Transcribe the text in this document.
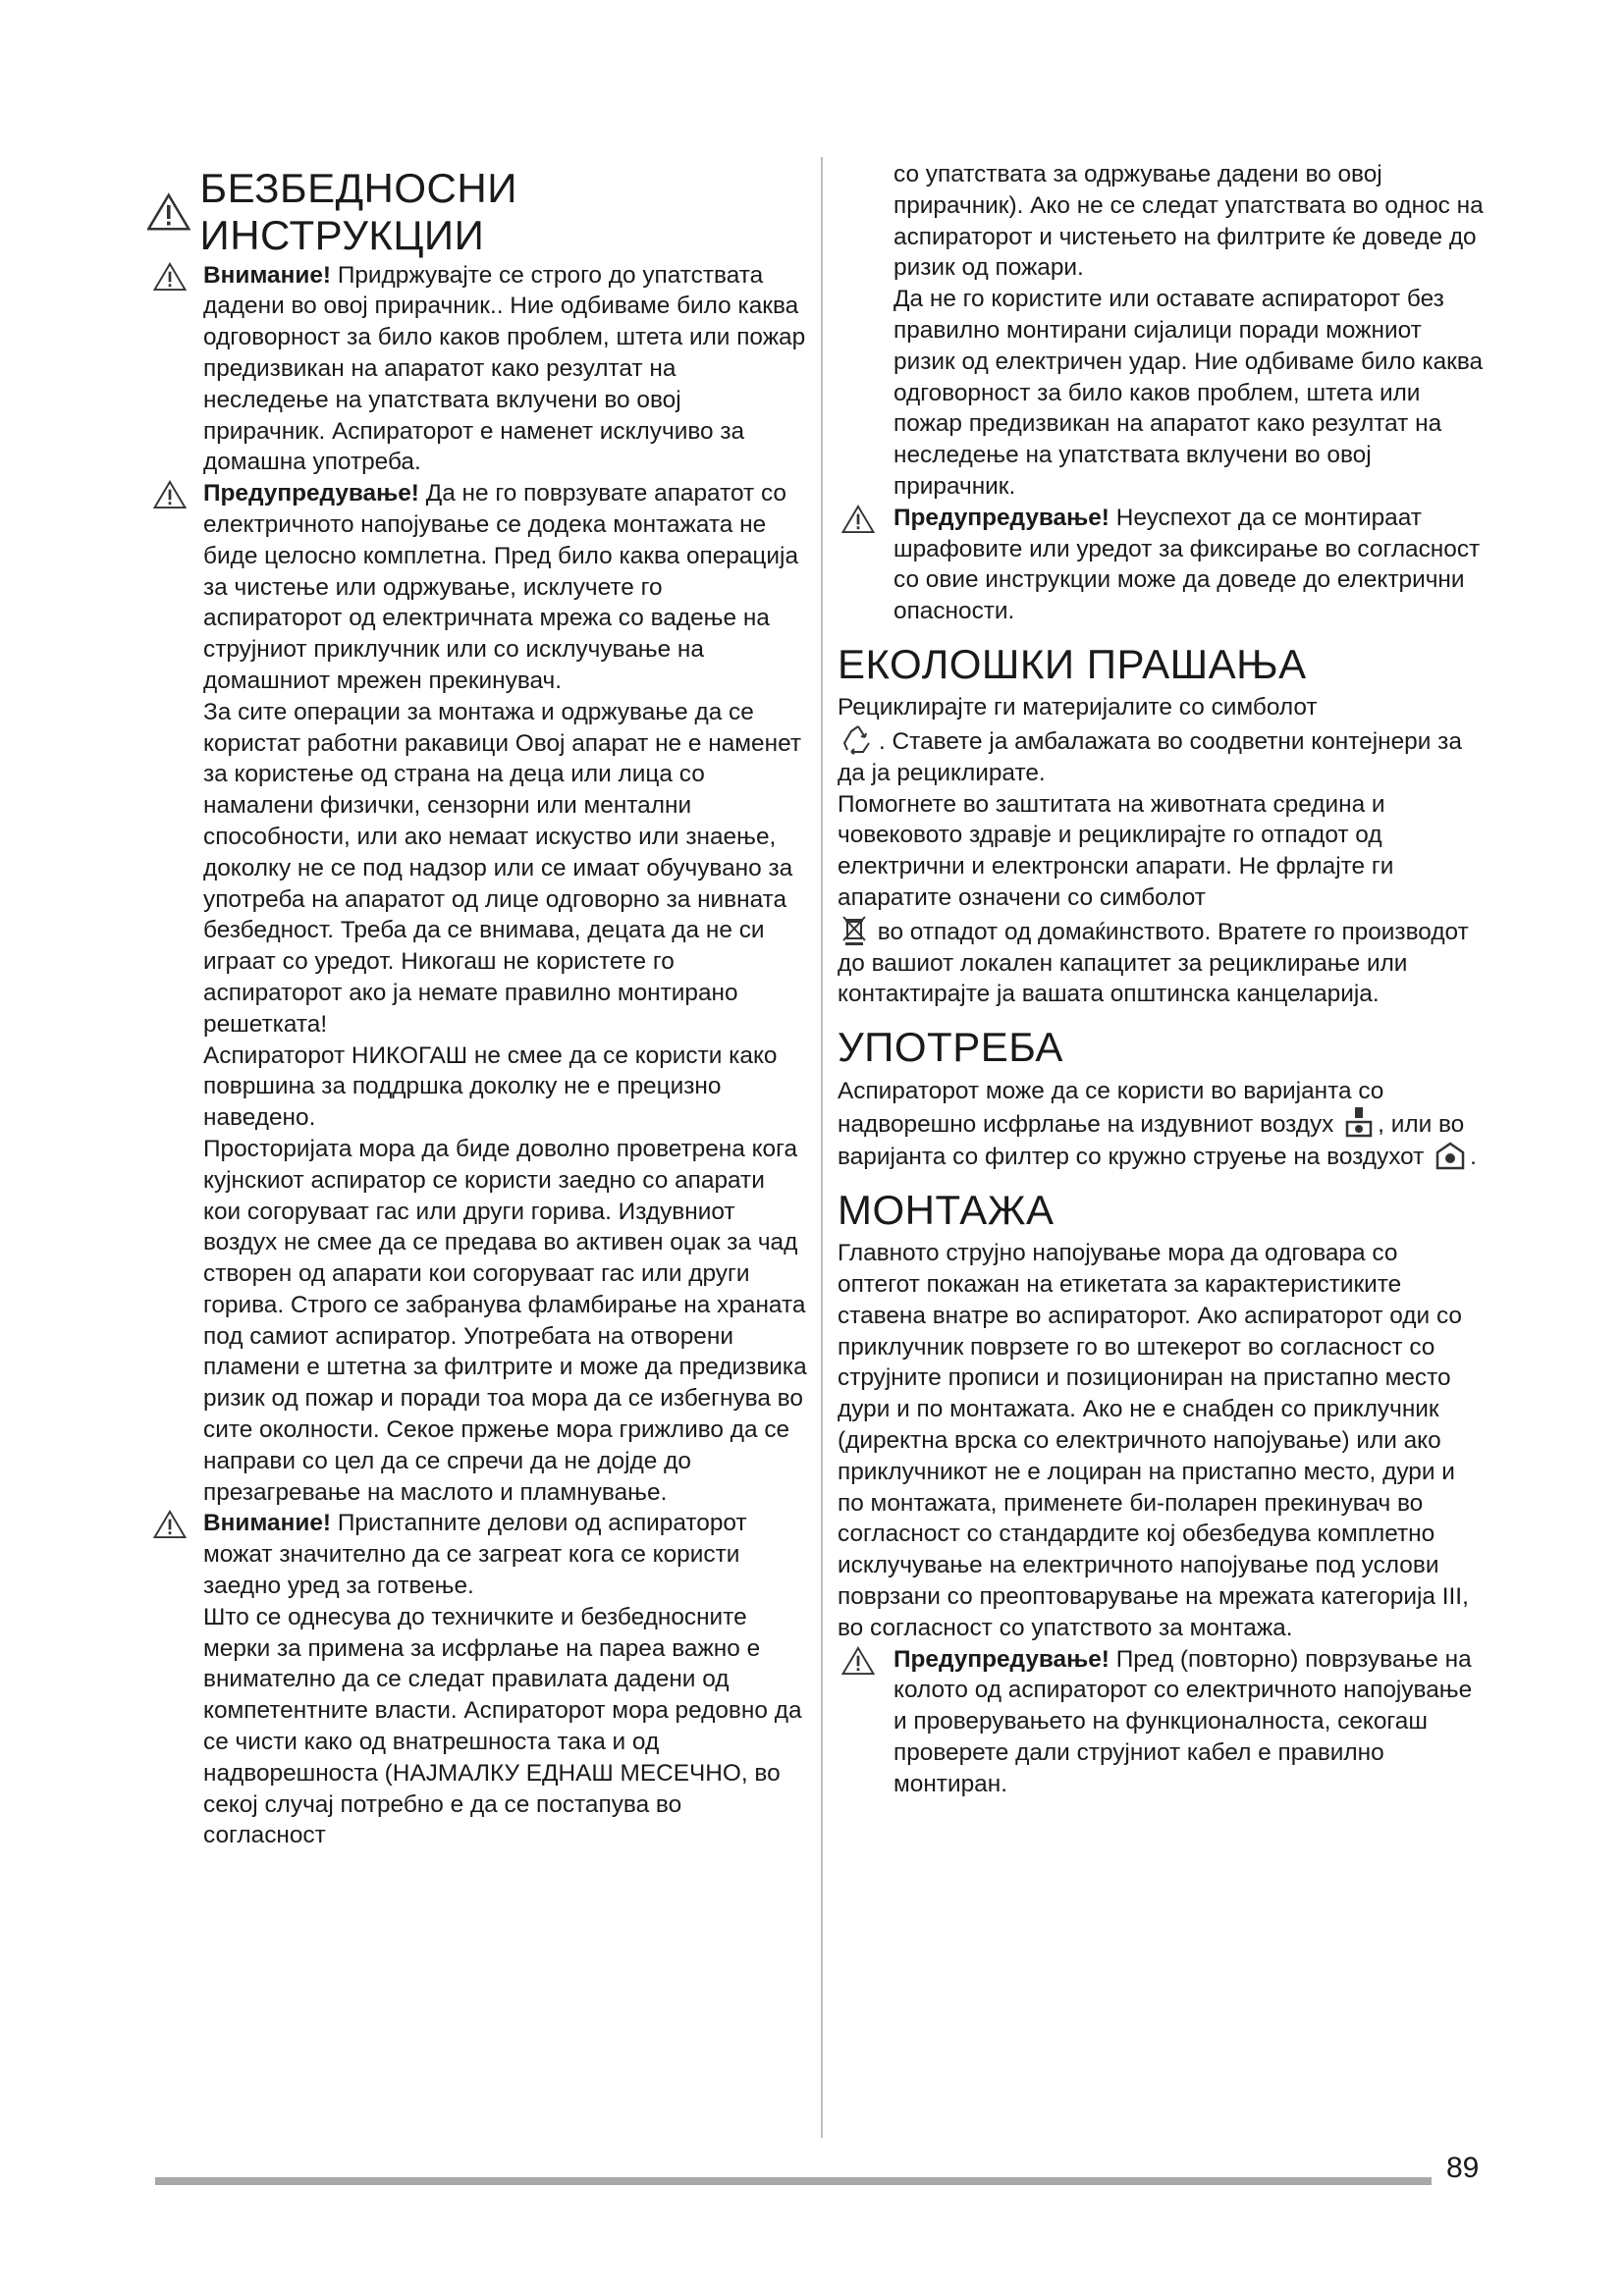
БЕЗБЕДНОСНИ ИНСТРУКЦИИ

Внимание! Придржувајте се строго до упатствата дадени во овој прирачник.. Ние одбиваме било каква одговорност за било каков проблем, штета или пожар предизвикан на апаратот како резултат на неследење на упатствата вклучени во овој прирачник. Аспираторот е наменет исклучиво за домашна употреба.

Предупредување! Да не го поврзувате апаратот со електричното напојување се додека монтажата не биде целосно комплетна. Пред било каква операција за чистење или одржување, исклучете го аспираторот од електричната мрежа со вадење на струјниот приклучник или со исклучување на домашниот мрежен прекинувач.

За сите операции за монтажа и одржување да се користат работни ракавици Овој апарат не е наменет за користење од страна на деца или лица со намалени физички, сензорни или ментални способности, или ако немаат искуство или знаење, доколку не се под надзор или се имаат обучувано за употреба на апаратот од лице одговорно за нивната безбедност. Треба да се внимава, децата да не си играат со уредот. Никогаш не користете го аспираторот ако ја немате правилно монтирано решетката!

Аспираторот НИКОГАШ не смее да се користи како површина за поддршка доколку не е прецизно наведено.

Просторијата мора да биде доволно проветрена кога кујнскиот аспиратор се користи заедно со апарати кои согоруваат гас или други горива. Издувниот воздух не смее да се предава во активен оџак за чад створен од апарати кои согоруваат гас или други горива. Строго се забранува фламбирање на храната под самиот аспиратор. Употребата на отворени пламени е штетна за филтрите и може да предизвика ризик од пожар и поради тоа мора да се избегнува во сите околности. Секое пржење мора грижливо да се направи со цел да се спречи да не дојде до презагревање на маслото и пламнување.

Внимание! Пристапните делови од аспираторот можат значително да се загреат кога се користи заедно уред за готвење.

Што се однесува до техничките и безбедносните мерки за примена за исфрлање на пареа важно е внимателно да се следат правилата дадени од компетентните власти. Аспираторот мора редовно да се чисти како од внатрешноста така и од надворешноста (НАЈМАЛКУ ЕДНАШ МЕСЕЧНО, во секој случај потребно е да се постапува во согласност

со упатствата за одржување дадени во овој прирачник). Ако не се следат упатствата во однос на аспираторот и чистењето на филтрите ќе доведе до ризик од пожари.

Да не го користите или оставате аспираторот без правилно монтирани сијалици поради можниот ризик од електричен удар. Ние одбиваме било каква одговорност за било каков проблем, штета или пожар предизвикан на апаратот како резултат на неследење на упатствата вклучени во овој прирачник.

Предупредување! Неуспехот да се монтираат шрафовите или уредот за фиксирање во согласност со овие инструкции може да доведе до електрични опасности.

ЕКОЛОШКИ ПРАШАЊА

Рециклирајте ги материјалите со симболот
. Ставете ја амбалажата во соодветни контејнери за да ја рециклирате.

Помогнете во заштитата на животната средина и човековото здравје и рециклирајте го отпадот од електрични и електронски апарати. Не фрлајте ги апаратите означени со симболот
во отпадот од домаќинството. Вратете го производот до вашиот локален капацитет за рециклирање или контактирајте ја вашата општинска канцеларија.

УПОТРЕБА

Аспираторот може да се користи во варијанта со надворешно исфрлање на издувниот воздух , или во варијанта со филтер со кружно струење на воздухот .

МОНТАЖА

Главното струјно напојување мора да одговара со оптегот покажан на етикетата за карактеристиките ставена внатре во аспираторот. Ако аспираторот оди со приклучник поврзете го во штекерот во согласност со струјните прописи и позициониран на пристапно место дури и по монтажата. Ако не е снабден со приклучник (директна врска со електричното напојување) или ако приклучникот не е лоциран на пристапно место, дури и по монтажата, применете би-поларен прекинувач во согласност со стандардите кој обезбедува комплетно исклучување на електричното напојување под услови поврзани со преоптоварување на мрежата категорија III, во согласност со упатството за монтажа.

Предупредување! Пред (повторно) поврзување на колото од аспираторот со електричното напојување и проверувањето на функционалноста, секогаш проверете дали струјниот кабел е правилно монтиран.

89
